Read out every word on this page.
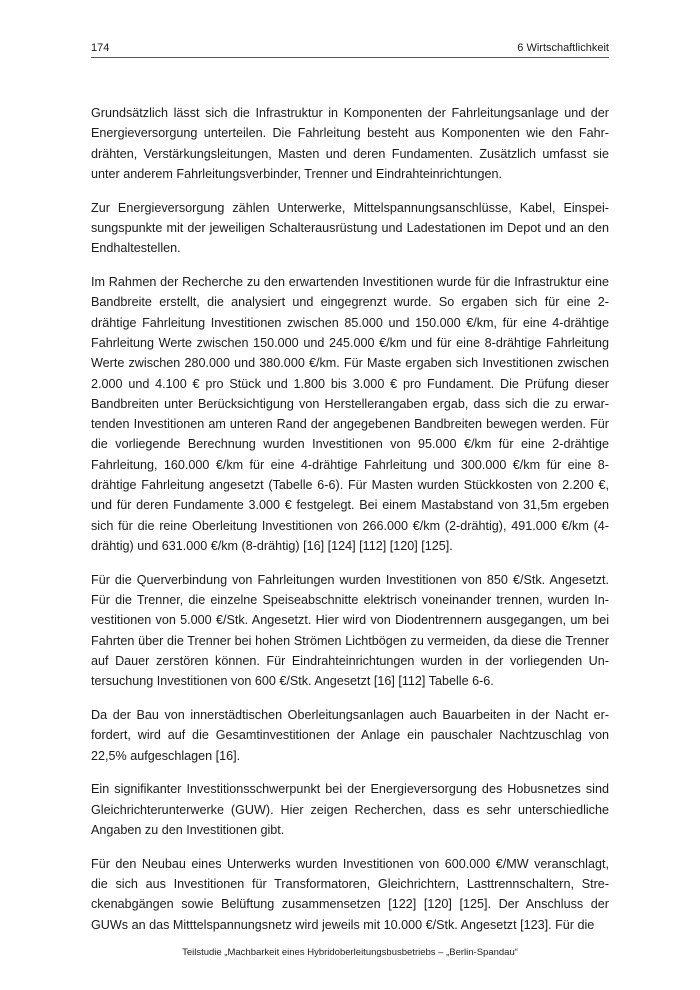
174	6 Wirtschaftlichkeit

Grundsätzlich lässt sich die Infrastruktur in Komponenten der Fahrleitungsanlage und der Energieversorgung unterteilen. Die Fahrleitung besteht aus Komponenten wie den Fahrdrähten, Verstärkungsleitungen, Masten und deren Fundamenten. Zusätzlich umfasst sie unter anderem Fahrleitungsverbinder, Trenner und Eindrahteinrichtungen.

Zur Energieversorgung zählen Unterwerke, Mittelspannungsanschlüsse, Kabel, Einspeisungspunkte mit der jeweiligen Schalterausrüstung und Ladestationen im Depot und an den Endhaltestellen.

Im Rahmen der Recherche zu den erwartenden Investitionen wurde für die Infrastruktur eine Bandbreite erstellt, die analysiert und eingegrenzt wurde. So ergaben sich für eine 2-drähtige Fahrleitung Investitionen zwischen 85.000 und 150.000 €/km, für eine 4-drähtige Fahrleitung Werte zwischen 150.000 und 245.000 €/km und für eine 8-drähtige Fahrleitung Werte zwischen 280.000 und 380.000 €/km. Für Maste ergaben sich Investitionen zwischen 2.000 und 4.100 € pro Stück und 1.800 bis 3.000 € pro Fundament. Die Prüfung dieser Bandbreiten unter Berücksichtigung von Herstellerangaben ergab, dass sich die zu erwartenden Investitionen am unteren Rand der angegebenen Bandbreiten bewegen werden. Für die vorliegende Berechnung wurden Investitionen von 95.000 €/km für eine 2-drähtige Fahrleitung, 160.000 €/km für eine 4-drähtige Fahrleitung und 300.000 €/km für eine 8-drähtige Fahrleitung angesetzt (Tabelle 6-6). Für Masten wurden Stückkosten von 2.200 €, und für deren Fundamente 3.000 € festgelegt. Bei einem Mastabstand von 31,5m ergeben sich für die reine Oberleitung Investitionen von 266.000 €/km (2-drähtig), 491.000 €/km (4-drähtig) und 631.000 €/km (8-drähtig) [16] [124] [112] [120] [125].

Für die Querverbindung von Fahrleitungen wurden Investitionen von 850 €/Stk. Angesetzt. Für die Trenner, die einzelne Speiseabschnitte elektrisch voneinander trennen, wurden Investitionen von 5.000 €/Stk. Angesetzt. Hier wird von Diodentrennern ausgegangen, um bei Fahrten über die Trenner bei hohen Strömen Lichtbögen zu vermeiden, da diese die Trenner auf Dauer zerstören können. Für Eindrahteinrichtungen wurden in der vorliegenden Untersuchung Investitionen von 600 €/Stk. Angesetzt [16] [112] Tabelle 6-6.

Da der Bau von innerstädtischen Oberleitungsanlagen auch Bauarbeiten in der Nacht erfordert, wird auf die Gesamtinvestitionen der Anlage ein pauschaler Nachtzuschlag von 22,5% aufgeschlagen [16].

Ein signifikanter Investitionsschwerpunkt bei der Energieversorgung des Hobusnetzes sind Gleichrichterunterwerke (GUW). Hier zeigen Recherchen, dass es sehr unterschiedliche Angaben zu den Investitionen gibt.

Für den Neubau eines Unterwerks wurden Investitionen von 600.000 €/MW veranschlagt, die sich aus Investitionen für Transformatoren, Gleichrichtern, Lasttrennschaltern, Streckenabgängen sowie Belüftung zusammensetzen [122] [120] [125]. Der Anschluss der GUWs an das Mitttelspannungsnetz wird jeweils mit 10.000 €/Stk. Angesetzt [123]. Für die

Teilstudie „Machbarkeit eines Hybridoberleitungsbusbetriebs – „Berlin-Spandau“
